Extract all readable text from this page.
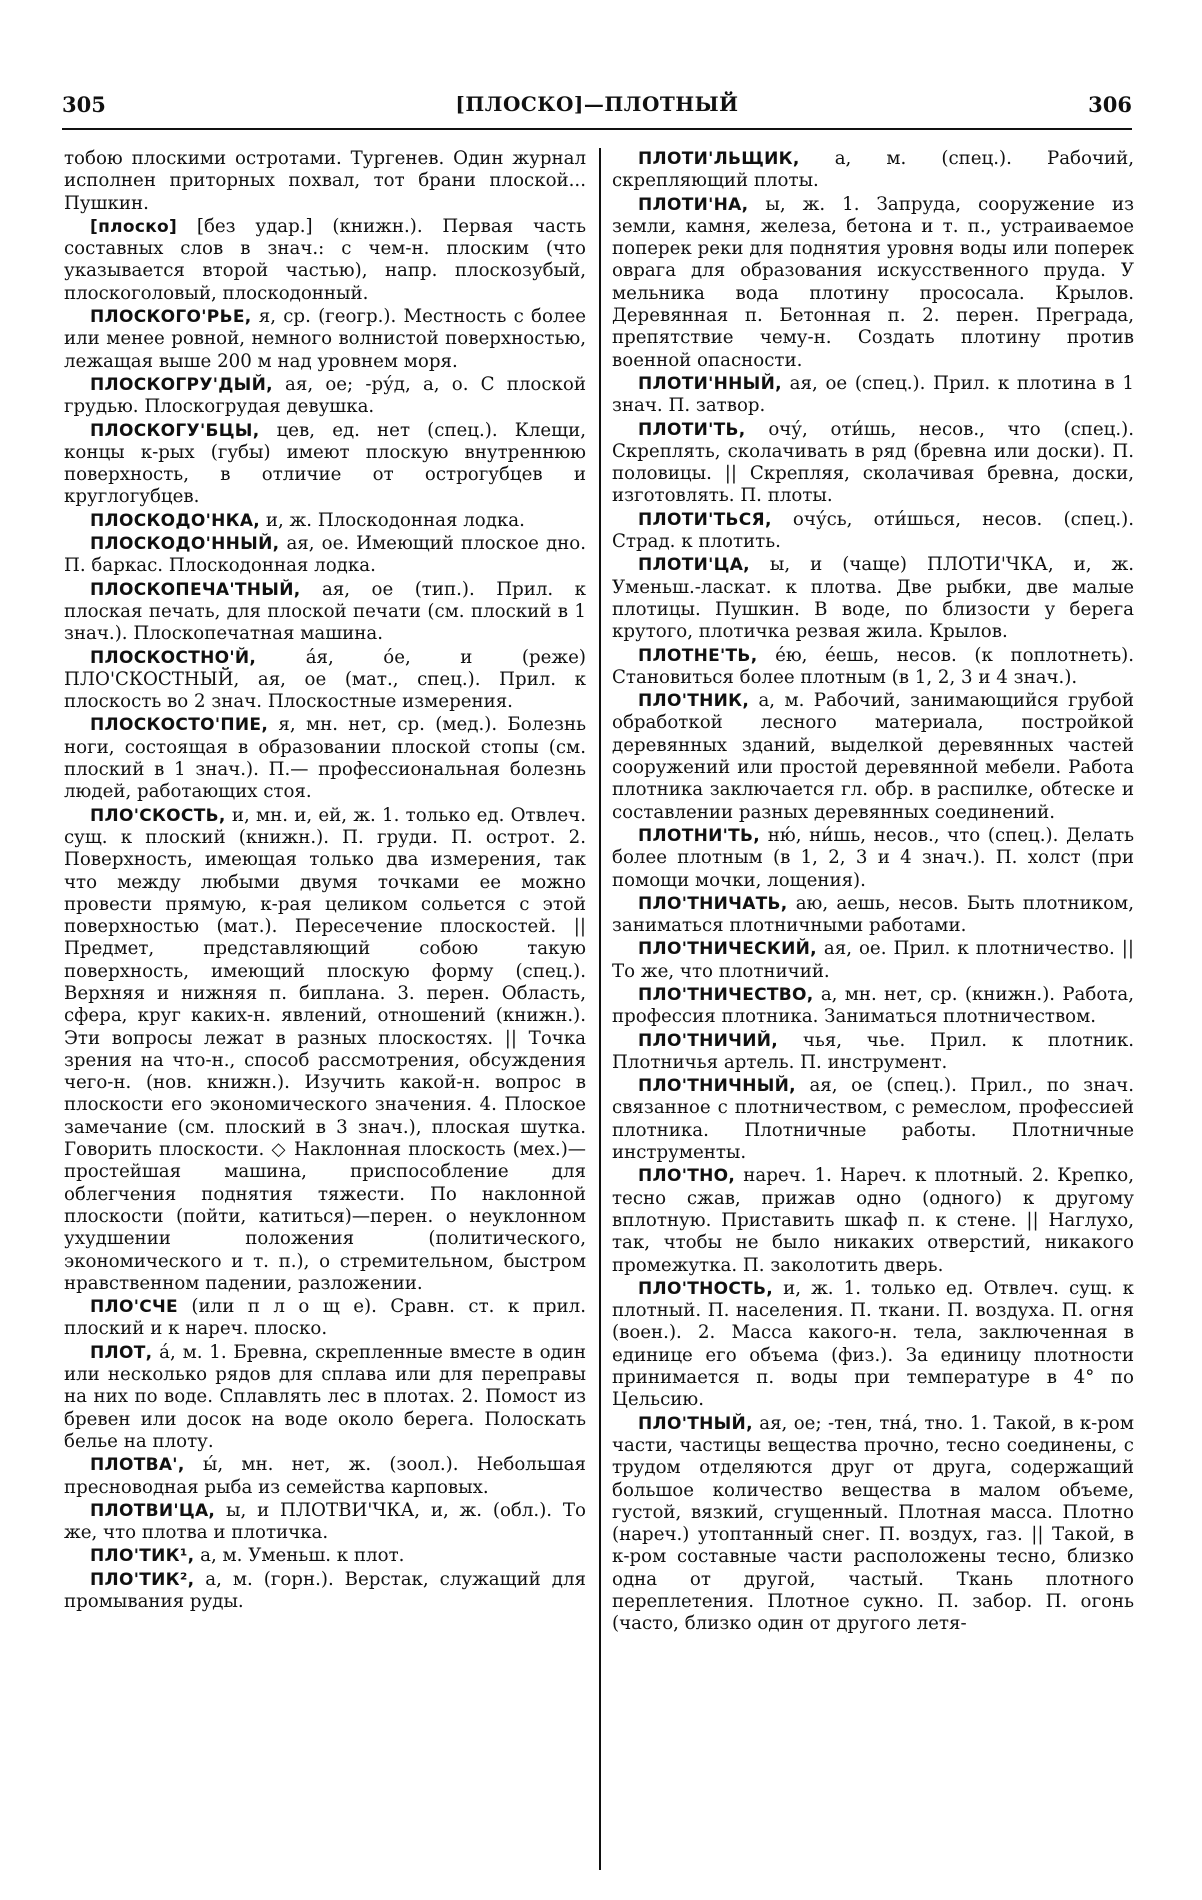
305	[ПЛОСКО]—ПЛОТНЫЙ	306

тобою плоскими остротами. Тургенев. Один журнал исполнен приторных похвал, тот брани плоской... Пушкин.

[плоско] [без удар.] (книжн.). Первая часть составных слов в знач.: с чем-н. плоским (что указывается второй частью), напр. плоскозубый, плоскоголовый, плоскодонный.

ПЛОСКОГО'РЬЕ, я, ср. (геогр.). Местность с более или менее ровной, немного волнистой поверхностью, лежащая выше 200 м над уровнем моря.

ПЛОСКОГРУ'ДЫЙ, ая, ое; -ру́д, а, о. С плоской грудью. Плоскогрудая девушка.

ПЛОСКОГУ'БЦЫ, цев, ед. нет (спец.). Клещи, концы к-рых (губы) имеют плоскую внутреннюю поверхность, в отличие от острогубцев и круглогубцев.

ПЛОСКОДО'НКА, и, ж. Плоскодонная лодка.

ПЛОСКОДО'ННЫЙ, ая, ое. Имеющий плоское дно. П. баркас. Плоскодонная лодка.

ПЛОСКОПЕЧА'ТНЫЙ, ая, ое (тип.). Прил. к плоская печать, для плоской печати (см. плоский в 1 знач.). Плоскопечатная машина.

ПЛОСКОСТНО'Й,	а́я, о́е, и (реже) ПЛО'СКОСТНЫЙ, ая, ое (мат., спец.). Прил. к плоскость во 2 знач. Плоскостные измерения.

ПЛОСКОСТО'ПИЕ, я, мн. нет, ср. (мед.). Болезнь ноги, состоящая в образовании плоской стопы (см. плоский в 1 знач.). П.— профессиональная болезнь людей, работающих стоя.

ПЛО'СКОСТЬ, и, мн. и, ей, ж. 1. только ед. Отвлеч. сущ. к плоский (книжн.). П. груди. П. острот. 2. Поверхность, имеющая только два измерения, так что между любыми двумя точками ее можно провести прямую, к-рая целиком сольется с этой поверхностью (мат.). Пересечение плоскостей. || Предмет, представляющий собою такую поверхность, имеющий плоскую форму (спец.). Верхняя и нижняя п. биплана. 3. перен. Область, сфера, круг каких-н. явлений, отношений (книжн.). Эти вопросы лежат в разных плоскостях. || Точка зрения на что-н., способ рассмотрения, обсуждения чего-н. (нов. книжн.). Изучить какой-н. вопрос в плоскости его экономического значения. 4. Плоское замечание (см. плоский в 3 знач.), плоская шутка. Говорить плоскости. ◇ Наклонная плоскость (мех.)—простейшая машина, приспособление для облегчения поднятия тяжести. По наклонной плоскости (пойти, катиться)—перен. о неуклонном ухудшении положения (политического, экономического и т. п.), о стремительном, быстром нравственном падении, разложении.

ПЛО'СЧЕ (или п л о щ е). Сравн. ст. к прил. плоский и к нареч. плоско.

ПЛОТ, а́, м. 1. Бревна, скрепленные вместе в один или несколько рядов для сплава или для переправы на них по воде. Сплавлять лес в плотах. 2. Помост из бревен или досок на воде около берега. Полоскать белье на плоту.

ПЛОТВА', ы́, мн. нет, ж. (зоол.). Небольшая пресноводная рыба из семейства карповых.

ПЛОТВИ'ЦА, ы, и ПЛОТВИ'ЧКА, и, ж. (обл.). То же, что плотва и плотичка.

ПЛО'ТИК¹, а, м. Уменьш. к плот.

ПЛО'ТИК², а, м. (горн.). Верстак, служащий для промывания руды.

ПЛОТИ'ЛЬЩИК, а, м. (спец.). Рабочий, скрепляющий плоты.

ПЛОТИ'НА, ы, ж. 1. Запруда, сооружение из земли, камня, железа, бетона и т. п., устраиваемое поперек реки для поднятия уровня воды или поперек оврага для образования искусственного пруда. У мельника вода плотину прососала. Крылов. Деревянная п. Бетонная п. 2. перен. Преграда, препятствие чему-н. Создать плотину против военной опасности.

ПЛОТИ'ННЫЙ, ая, ое (спец.). Прил. к плотина в 1 знач. П. затвор.

ПЛОТИ'ТЬ, очу́, оти́шь, несов., что (спец.). Скреплять, сколачивать в ряд (бревна или доски). П. половицы. || Скрепляя, сколачивая бревна, доски, изготовлять. П. плоты.

ПЛОТИ'ТЬСЯ, очу́сь, оти́шься, несов. (спец.). Страд. к плотить.

ПЛОТИ'ЦА, ы, и (чаще) ПЛОТИ'ЧКА, и, ж. Уменьш.-ласкат. к плотва. Две рыбки, две малые плотицы. Пушкин. В воде, по близости у берега крутого, плотичка резвая жила. Крылов.

ПЛОТНЕ'ТЬ, е́ю, е́ешь, несов. (к поплотнеть). Становиться более плотным (в 1, 2, 3 и 4 знач.).

ПЛО'ТНИК, а, м. Рабочий, занимающийся грубой обработкой лесного материала, постройкой деревянных зданий, выделкой деревянных частей сооружений или простой деревянной мебели. Работа плотника заключается гл. обр. в распилке, обтеске и составлении разных деревянных соединений.

ПЛОТНИ'ТЬ, ню́, ни́шь, несов., что (спец.). Делать более плотным (в 1, 2, 3 и 4 знач.). П. холст (при помощи мочки, лощения).

ПЛО'ТНИЧАТЬ, аю, аешь, несов. Быть плотником, заниматься плотничными работами.

ПЛО'ТНИЧЕСКИЙ, ая, ое. Прил. к плотничество. || То же, что плотничий.

ПЛО'ТНИЧЕСТВО, а, мн. нет, ср. (книжн.). Работа, профессия плотника. Заниматься плотничеством.

ПЛО'ТНИЧИЙ, чья, чье. Прил. к плотник. Плотничья артель. П. инструмент.

ПЛО'ТНИЧНЫЙ, ая, ое (спец.). Прил., по знач. связанное с плотничеством, с ремеслом, профессией плотника. Плотничные работы. Плотничные инструменты.

ПЛО'ТНО, нареч. 1. Нареч. к плотный. 2. Крепко, тесно сжав, прижав одно (одного) к другому вплотную. Приставить шкаф п. к стене. || Наглухо, так, чтобы не было никаких отверстий, никакого промежутка. П. заколотить дверь.

ПЛО'ТНОСТЬ, и, ж. 1. только ед. Отвлеч. сущ. к плотный. П. населения. П. ткани. П. воздуха. П. огня (воен.). 2. Масса какого-н. тела, заключенная в единице его объема (физ.). За единицу плотности принимается п. воды при температуре в 4° по Цельсию.

ПЛО'ТНЫЙ, ая, ое; -тен, тна́, тно. 1. Такой, в к-ром части, частицы вещества прочно, тесно соединены, с трудом отделяются друг от друга, содержащий большое количество вещества в малом объеме, густой, вязкий, сгущенный. Плотная масса. Плотно (нареч.) утоптанный снег. П. воздух, газ. || Такой, в к-ром составные части расположены тесно, близко одна от другой, частый. Ткань плотного переплетения. Плотное сукно. П. забор. П. огонь (часто, близко один от другого летя-
